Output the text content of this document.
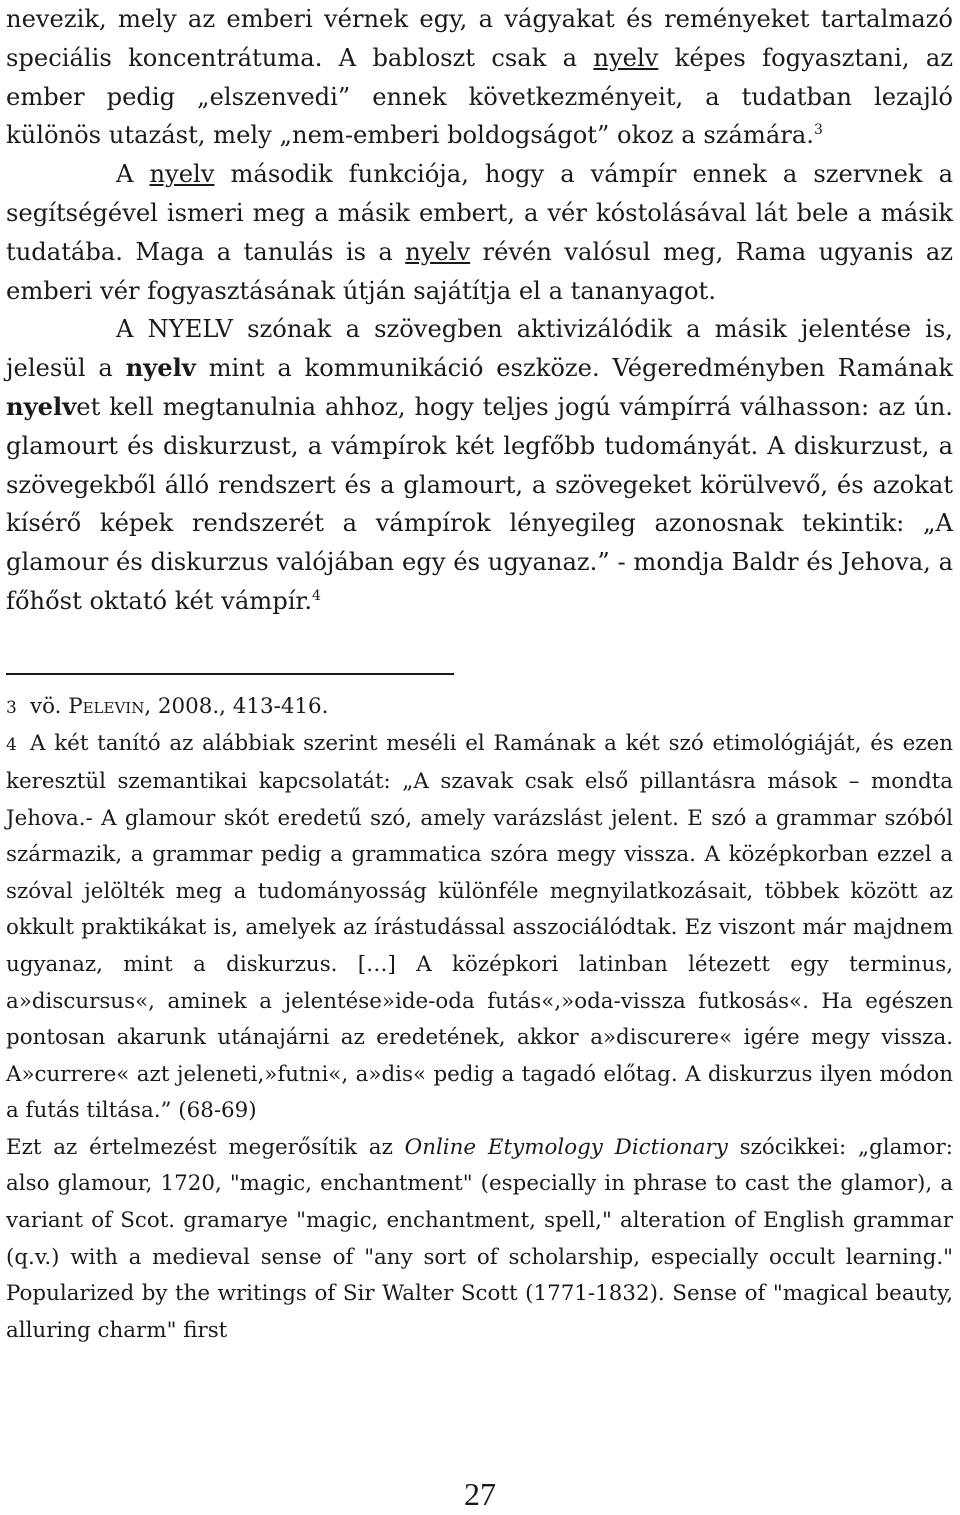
nevezik, mely az emberi vérnek egy, a vágyakat és reményeket tartalmazó speciális koncentrátuma. A babloszt csak a nyelv képes fogyasztani, az ember pedig „elszenvedi” ennek következményeit, a tudatban lezajló különös utazást, mely „nem-emberi boldogságot” okoz a számára.$^3$

A nyelv második funkciója, hogy a vámpír ennek a szervnek a segítségével ismeri meg a másik embert, a vér kóstolásával lát bele a másik tudatába. Maga a tanulás is a nyelv révén valósul meg, Rama ugyanis az emberi vér fogyasztásának útján sajátítja el a tananyagot.

A NYELV szónak a szövegben aktivizálódik a másik jelentése is, jelesül a nyelv mint a kommunikáció eszköze. Végeredményben Ramának nyelvet kell megtanulnia ahhoz, hogy teljes jogú vámpírrá válhasson: az ún. glamourt és diskurzust, a vámpírok két legfőbb tudományát. A diskurzust, a szövegekből álló rendszert és a glamourt, a szövegeket körülvevő, és azokat kísérő képek rendszerét a vámpírok lényegileg azonosnak tekintik: „A glamour és diskurzus valójában egy és ugyanaz.” - mondja Baldr és Jehova, a főhőst oktató két vámpír.$^4$

3 vö. Pelevin, 2008., 413-416.

4 A két tanító az alábbiak szerint meséli el Ramának a két szó etimológiáját, és ezen keresztül szemantikai kapcsolatát: „A szavak csak első pillantásra mások – mondta Jehova.- A glamour skót eredetű szó, amely varázslást jelent. E szó a grammar szóból származik, a grammar pedig a grammatica szóra megy vissza. A középkorban ezzel a szóval jelölték meg a tudományosság különféle megnyilatkozásait, többek között az okkult praktikákat is, amelyek az írástudással asszociálódtak. Ez viszont már majdnem ugyanaz, mint a diskurzus. […] A középkori latinban létezett egy terminus, a»discursus«, aminek a jelentése»ide-oda futás«,»oda-vissza futkosás«. Ha egészen pontosan akarunk utánajárni az eredetének, akkor a»discurere« igére megy vissza. A»currere« azt jeleneti,»futni«, a»dis« pedig a tagadó előtag. A diskurzus ilyen módon a futás tiltása.” (68-69)

Ezt az értelmezést megerősítik az Online Etymology Dictionary szócikkei: „glamor: also glamour, 1720, "magic, enchantment" (especially in phrase to cast the glamor), a variant of Scot. gramarye "magic, enchantment, spell," alteration of English grammar (q.v.) with a medieval sense of "any sort of scholarship, especially occult learning." Popularized by the writings of Sir Walter Scott (1771-1832). Sense of "magical beauty, alluring charm" first

27
